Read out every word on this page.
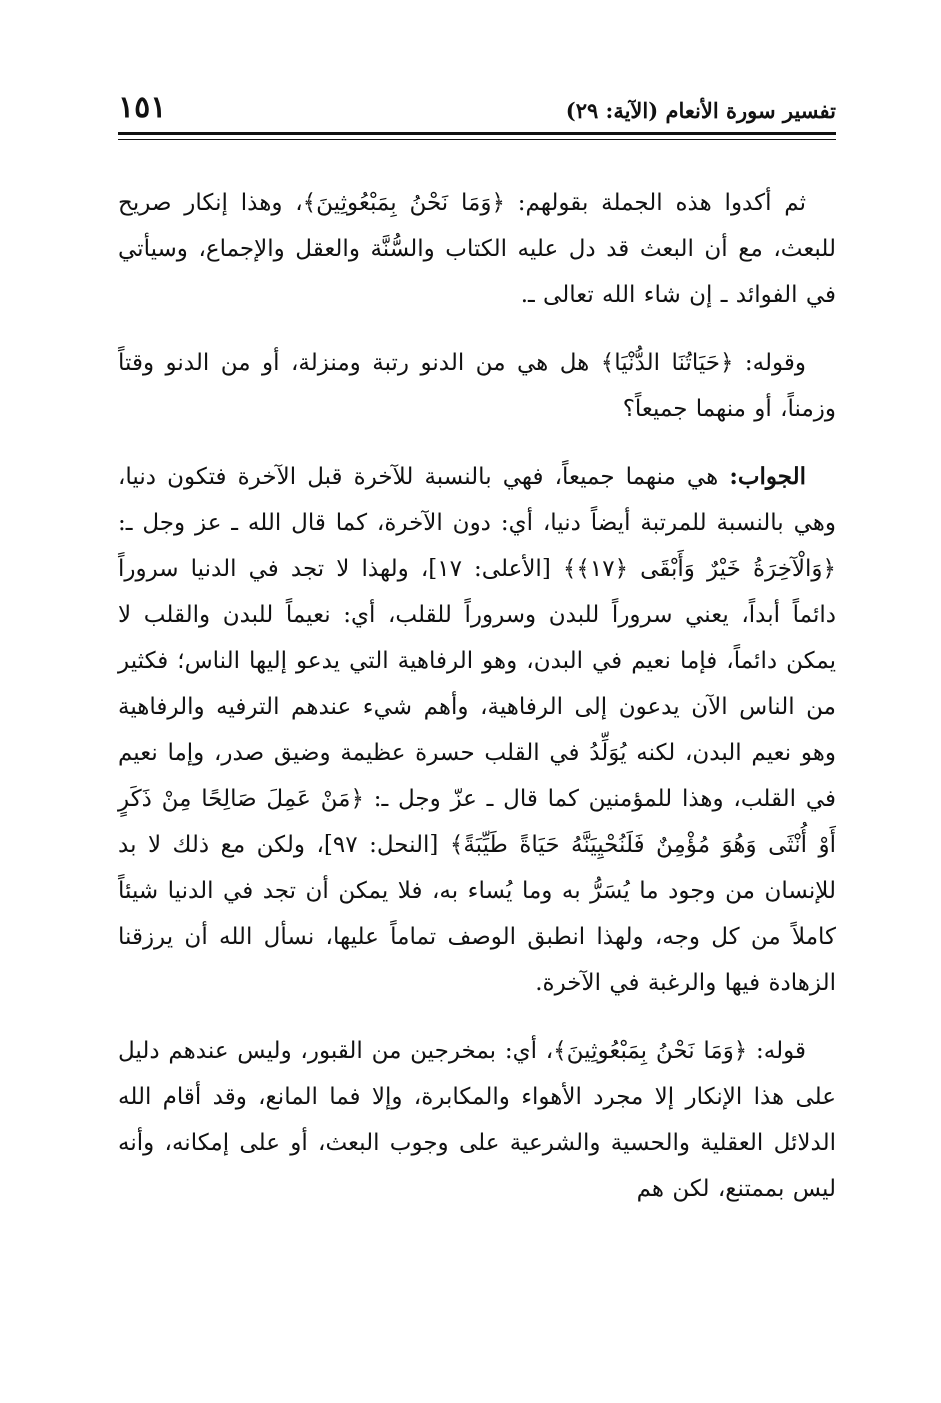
تفسير سورة الأنعام (الآية: ٢٩)
١٥١

ثم أكدوا هذه الجملة بقولهم: ﴿وَمَا نَحْنُ بِمَبْعُوثِينَ﴾، وهذا إنكار صريح للبعث، مع أن البعث قد دل عليه الكتاب والسُّنَّة والعقل والإجماع، وسيأتي في الفوائد ـ إن شاء الله تعالى ـ.

وقوله: ﴿حَيَاتُنَا الدُّنْيَا﴾ هل هي من الدنو رتبة ومنزلة، أو من الدنو وقتاً وزمناً، أو منهما جميعاً؟

الجواب: هي منهما جميعاً، فهي بالنسبة للآخرة قبل الآخرة فتكون دنيا، وهي بالنسبة للمرتبة أيضاً دنيا، أي: دون الآخرة، كما قال الله ـ عز وجل ـ: ﴿وَالْآخِرَةُ خَيْرٌ وَأَبْقَى ﴿١٧﴾﴾ [الأعلى: ١٧]، ولهذا لا تجد في الدنيا سروراً دائماً أبداً، يعني سروراً للبدن وسروراً للقلب، أي: نعيماً للبدن والقلب لا يمكن دائماً، فإما نعيم في البدن، وهو الرفاهية التي يدعو إليها الناس؛ فكثير من الناس الآن يدعون إلى الرفاهية، وأهم شيء عندهم الترفيه والرفاهية وهو نعيم البدن، لكنه يُوَلِّدُ في القلب حسرة عظيمة وضيق صدر، وإما نعيم في القلب، وهذا للمؤمنين كما قال ـ عزّ وجل ـ: ﴿مَنْ عَمِلَ صَالِحًا مِنْ ذَكَرٍ أَوْ أُنْثَى وَهُوَ مُؤْمِنٌ فَلَنُحْيِيَنَّهُ حَيَاةً طَيِّبَةً﴾ [النحل: ٩٧]، ولكن مع ذلك لا بد للإنسان من وجود ما يُسَرُّ به وما يُساء به، فلا يمكن أن تجد في الدنيا شيئاً كاملاً من كل وجه، ولهذا انطبق الوصف تماماً عليها، نسأل الله أن يرزقنا الزهادة فيها والرغبة في الآخرة.

قوله: ﴿وَمَا نَحْنُ بِمَبْعُوثِينَ﴾، أي: بمخرجين من القبور، وليس عندهم دليل على هذا الإنكار إلا مجرد الأهواء والمكابرة، وإلا فما المانع، وقد أقام الله الدلائل العقلية والحسية والشرعية على وجوب البعث، أو على إمكانه، وأنه ليس بممتنع، لكن هم
